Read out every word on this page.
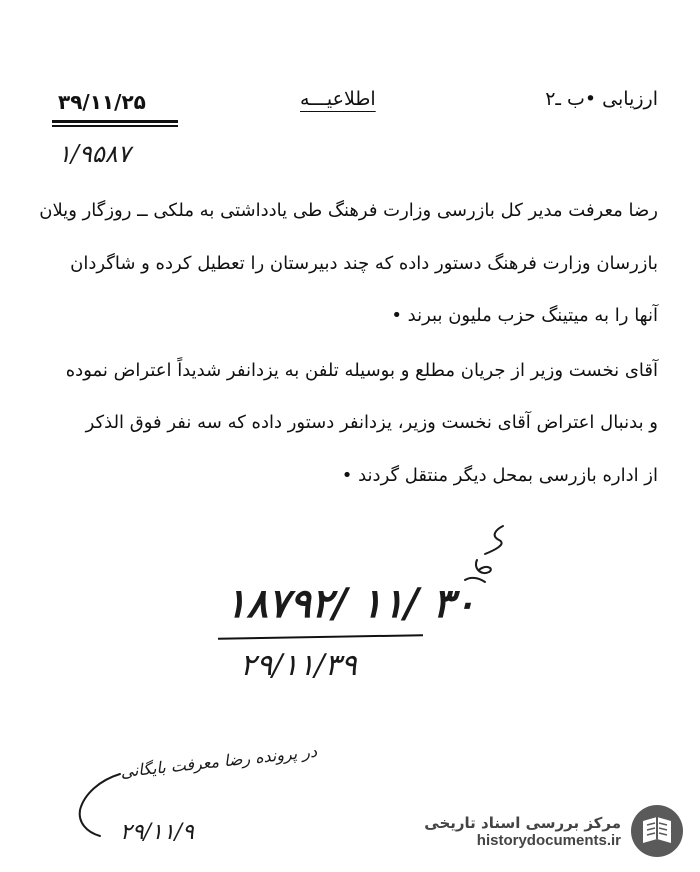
ارزیابی •ب ـ۲
اطلاعیـــه
۳۹/۱۱/۲۵
۱/۹۵۸۷
رضا معرفت مدیر کل بازرسی وزارت فرهنگ طی یادداشتی به ملکی ــ روزگار ویلان
بازرسان وزارت فرهنگ دستور داده که چند دبیرستان را تعطیل کرده و شاگردان
آنها را به میتینگ حزب ملیون ببرند •
آقای نخست وزیر از جریان مطلع و بوسیله تلفن به یزدانفر شدیداً اعتراض نموده
و بدنبال اعتراض آقای نخست وزیر، یزدانفر دستور داده که سه نفر فوق الذکر
از اداره بازرسی بمحل دیگر منتقل گردند •
۱۸۷۹۲/ ۱۱/ ۳۰
۲۹/۱۱/۳۹
در پرونده رضا معرفت بایگانی
۲۹/۱۱/۹	مرکز بررسی اسناد تاریخی
historydocuments.ir
